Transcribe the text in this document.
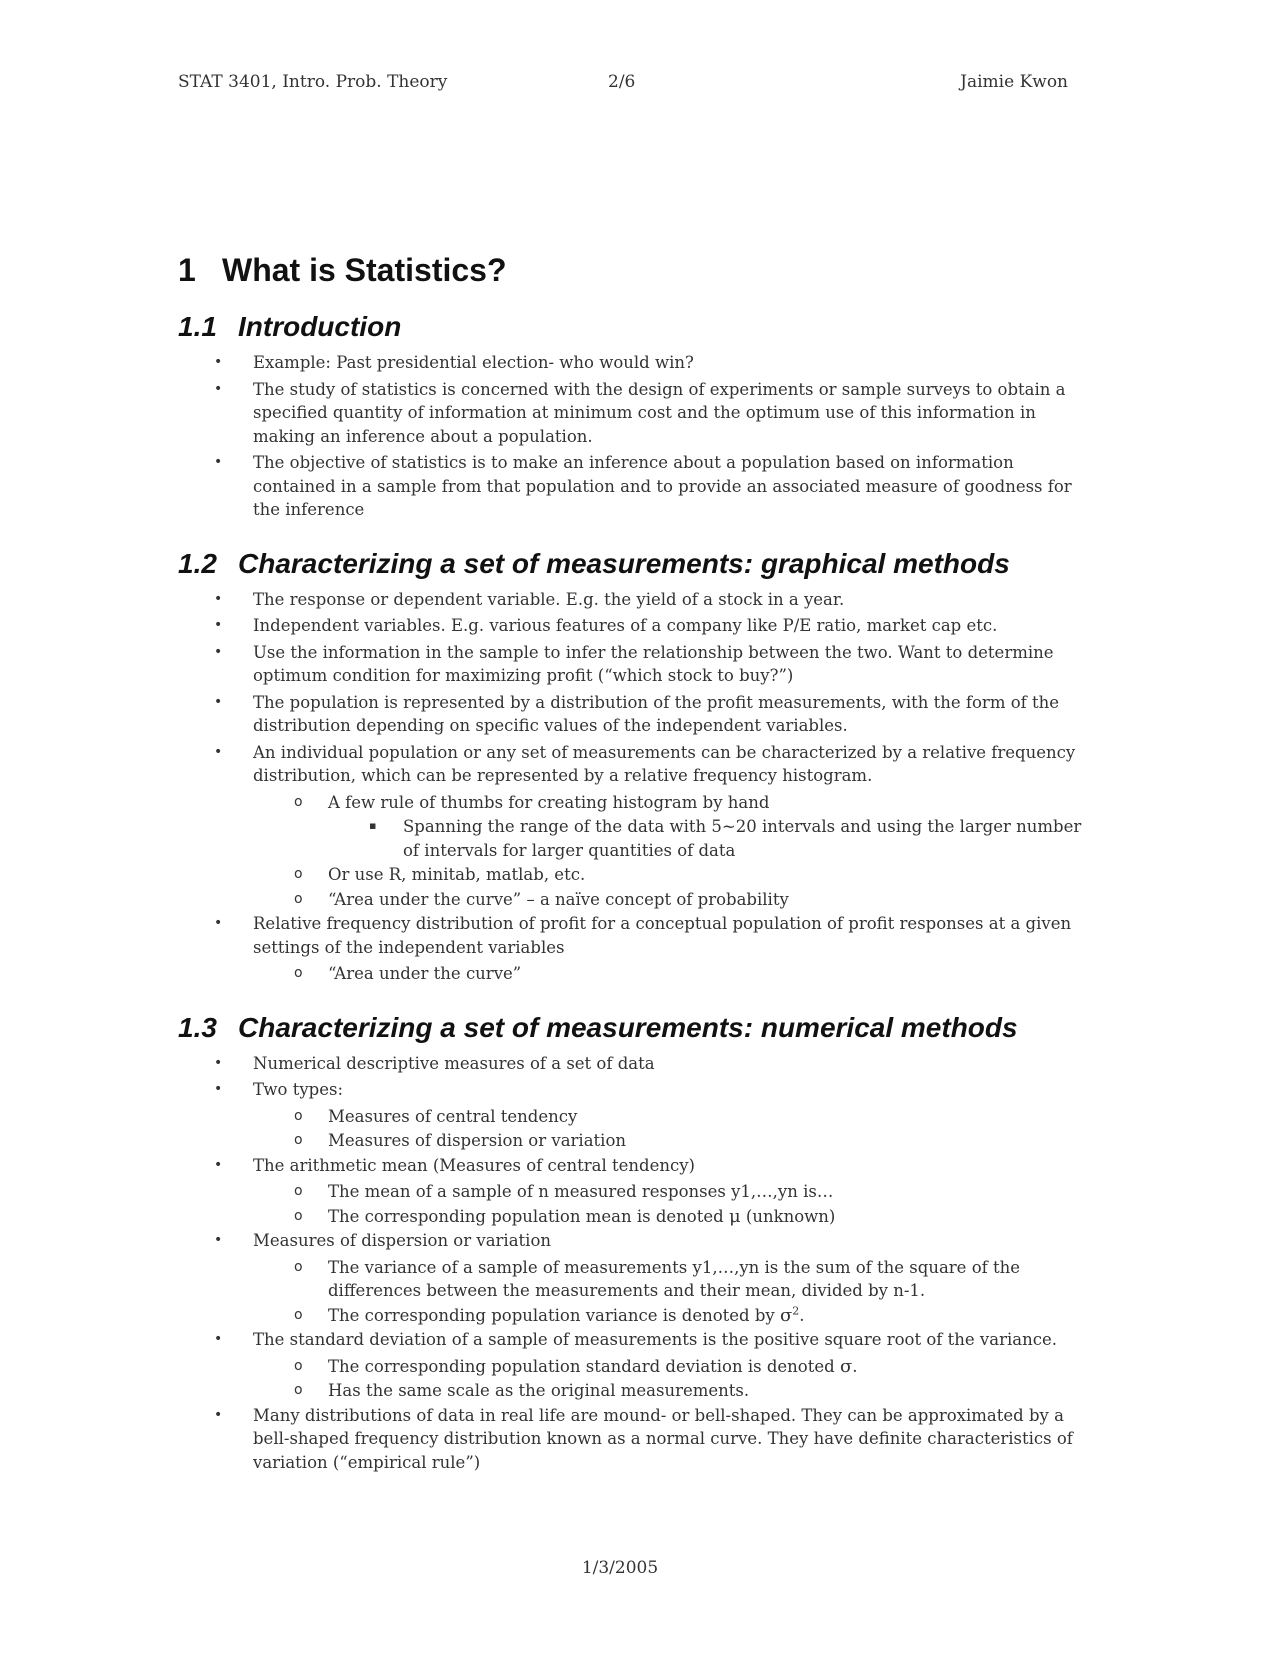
STAT 3401, Intro. Prob. Theory	2/6	Jaimie Kwon
1 What is Statistics?
1.1 Introduction
• Example: Past presidential election- who would win?
• The study of statistics is concerned with the design of experiments or sample surveys to obtain a specified quantity of information at minimum cost and the optimum use of this information in making an inference about a population.
• The objective of statistics is to make an inference about a population based on information contained in a sample from that population and to provide an associated measure of goodness for the inference
1.2 Characterizing a set of measurements: graphical methods
• The response or dependent variable. E.g. the yield of a stock in a year.
• Independent variables. E.g. various features of a company like P/E ratio, market cap etc.
• Use the information in the sample to infer the relationship between the two. Want to determine optimum condition for maximizing profit (“which stock to buy?”)
• The population is represented by a distribution of the profit measurements, with the form of the distribution depending on specific values of the independent variables.
• An individual population or any set of measurements can be characterized by a relative frequency distribution, which can be represented by a relative frequency histogram.
o A few rule of thumbs for creating histogram by hand
▪ Spanning the range of the data with 5~20 intervals and using the larger number of intervals for larger quantities of data
o Or use R, minitab, matlab, etc.
o “Area under the curve” – a naïve concept of probability
• Relative frequency distribution of profit for a conceptual population of profit responses at a given settings of the independent variables
o “Area under the curve”
1.3 Characterizing a set of measurements: numerical methods
• Numerical descriptive measures of a set of data
• Two types:
o Measures of central tendency
o Measures of dispersion or variation
• The arithmetic mean (Measures of central tendency)
o The mean of a sample of n measured responses y1,…,yn is…
o The corresponding population mean is denoted μ (unknown)
• Measures of dispersion or variation
o The variance of a sample of measurements y1,…,yn is the sum of the square of the differences between the measurements and their mean, divided by n-1.
o The corresponding population variance is denoted by $\sigma^2$.
• The standard deviation of a sample of measurements is the positive square root of the variance.
o The corresponding population standard deviation is denoted σ.
o Has the same scale as the original measurements.
• Many distributions of data in real life are mound- or bell-shaped. They can be approximated by a bell-shaped frequency distribution known as a normal curve. They have definite characteristics of variation (“empirical rule”)
1/3/2005
